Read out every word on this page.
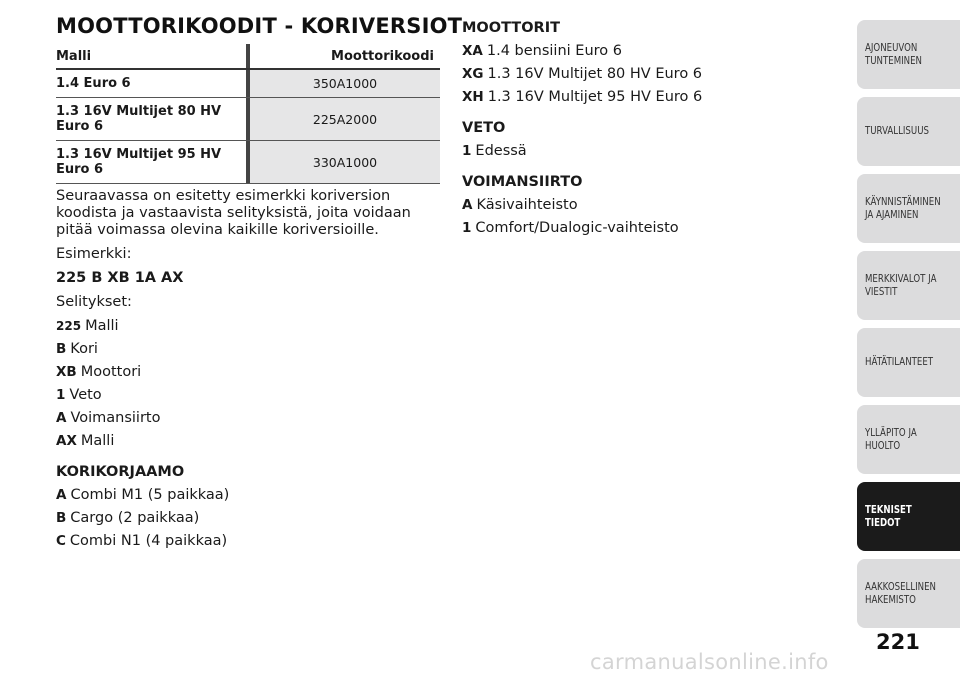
MOOTTORIKOODIT - KORIVERSIOT
Malli		Moottorikoodi
1.4 Euro 6		350A1000
1.3 16V Multijet 80 HV Euro 6		225A2000
1.3 16V Multijet 95 HV Euro 6		330A1000

Seuraavassa on esitetty esimerkki koriversion koodista ja vastaavista selityksistä, joita voidaan pitää voimassa olevina kaikille koriversioille.

Esimerkki:

225 B XB 1A AX

Selitykset:

225 Malli
B Kori
XB Moottori
1 Veto
A Voimansiirto
AX Malli
KORIKORJAAMO
A Combi M1 (5 paikkaa)
B Cargo (2 paikkaa)
C Combi N1 (4 paikkaa)
MOOTTORIT
XA 1.4 bensiini Euro 6
XG 1.3 16V Multijet 80 HV Euro 6
XH 1.3 16V Multijet 95 HV Euro 6
VETO
1 Edessä
VOIMANSIIRTO
A Käsivaihteisto
1 Comfort/Dualogic-vaihteisto
AJONEUVON TUNTEMINEN
TURVALLISUUS
KÄYNNISTÄMINEN JA AJAMINEN
MERKKIVALOT JA VIESTIT
HÄTÄTILANTEET
YLLÄPITO JA HUOLTO
TEKNISET TIEDOT
AAKKOSELLINEN HAKEMISTO
221
carmanualsonline.info
